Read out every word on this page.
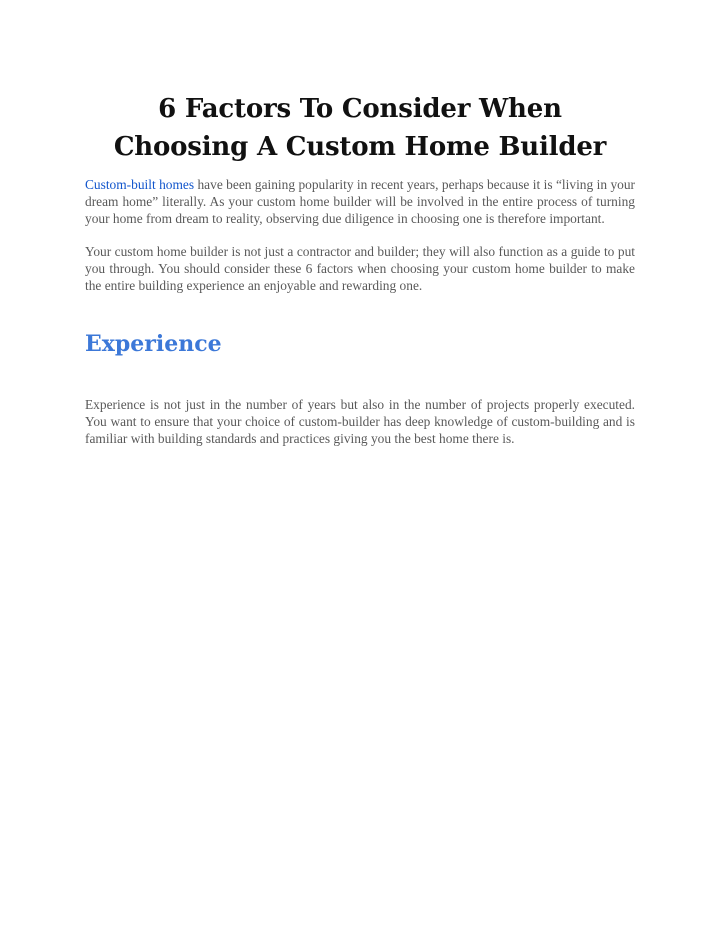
6 Factors To Consider When
Choosing A Custom Home Builder

Custom-built homes have been gaining popularity in recent years, perhaps because it is “living in your dream home” literally. As your custom home builder will be involved in the entire process of turning your home from dream to reality, observing due diligence in choosing one is therefore important.

Your custom home builder is not just a contractor and builder; they will also function as a guide to put you through. You should consider these 6 factors when choosing your custom home builder to make the entire building experience an enjoyable and rewarding one.

Experience

Experience is not just in the number of years but also in the number of projects properly executed. You want to ensure that your choice of custom-builder has deep knowledge of custom-building and is familiar with building standards and practices giving you the best home there is.
